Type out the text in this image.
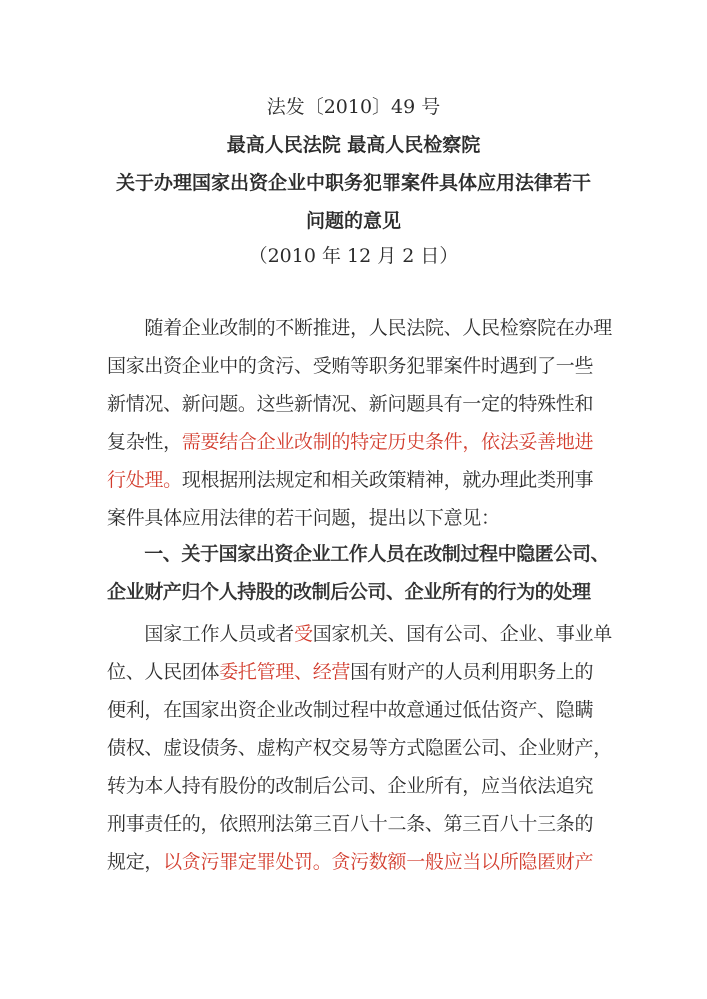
法发〔2010〕49 号
最高人民法院 最高人民检察院
关于办理国家出资企业中职务犯罪案件具体应用法律若干
问题的意见
（2010 年 12 月 2 日）
　　随着企业改制的不断推进，人民法院、人民检察院在办理
国家出资企业中的贪污、受贿等职务犯罪案件时遇到了一些
新情况、新问题。这些新情况、新问题具有一定的特殊性和
复杂性，需要结合企业改制的特定历史条件，依法妥善地进
行处理。现根据刑法规定和相关政策精神，就办理此类刑事
案件具体应用法律的若干问题，提出以下意见：
　　一、关于国家出资企业工作人员在改制过程中隐匿公司、
企业财产归个人持股的改制后公司、企业所有的行为的处理
　　国家工作人员或者受国家机关、国有公司、企业、事业单
位、人民团体委托管理、经营国有财产的人员利用职务上的
便利，在国家出资企业改制过程中故意通过低估资产、隐瞒
债权、虚设债务、虚构产权交易等方式隐匿公司、企业财产，
转为本人持有股份的改制后公司、企业所有，应当依法追究
刑事责任的，依照刑法第三百八十二条、第三百八十三条的
规定，以贪污罪定罪处罚。贪污数额一般应当以所隐匿财产
